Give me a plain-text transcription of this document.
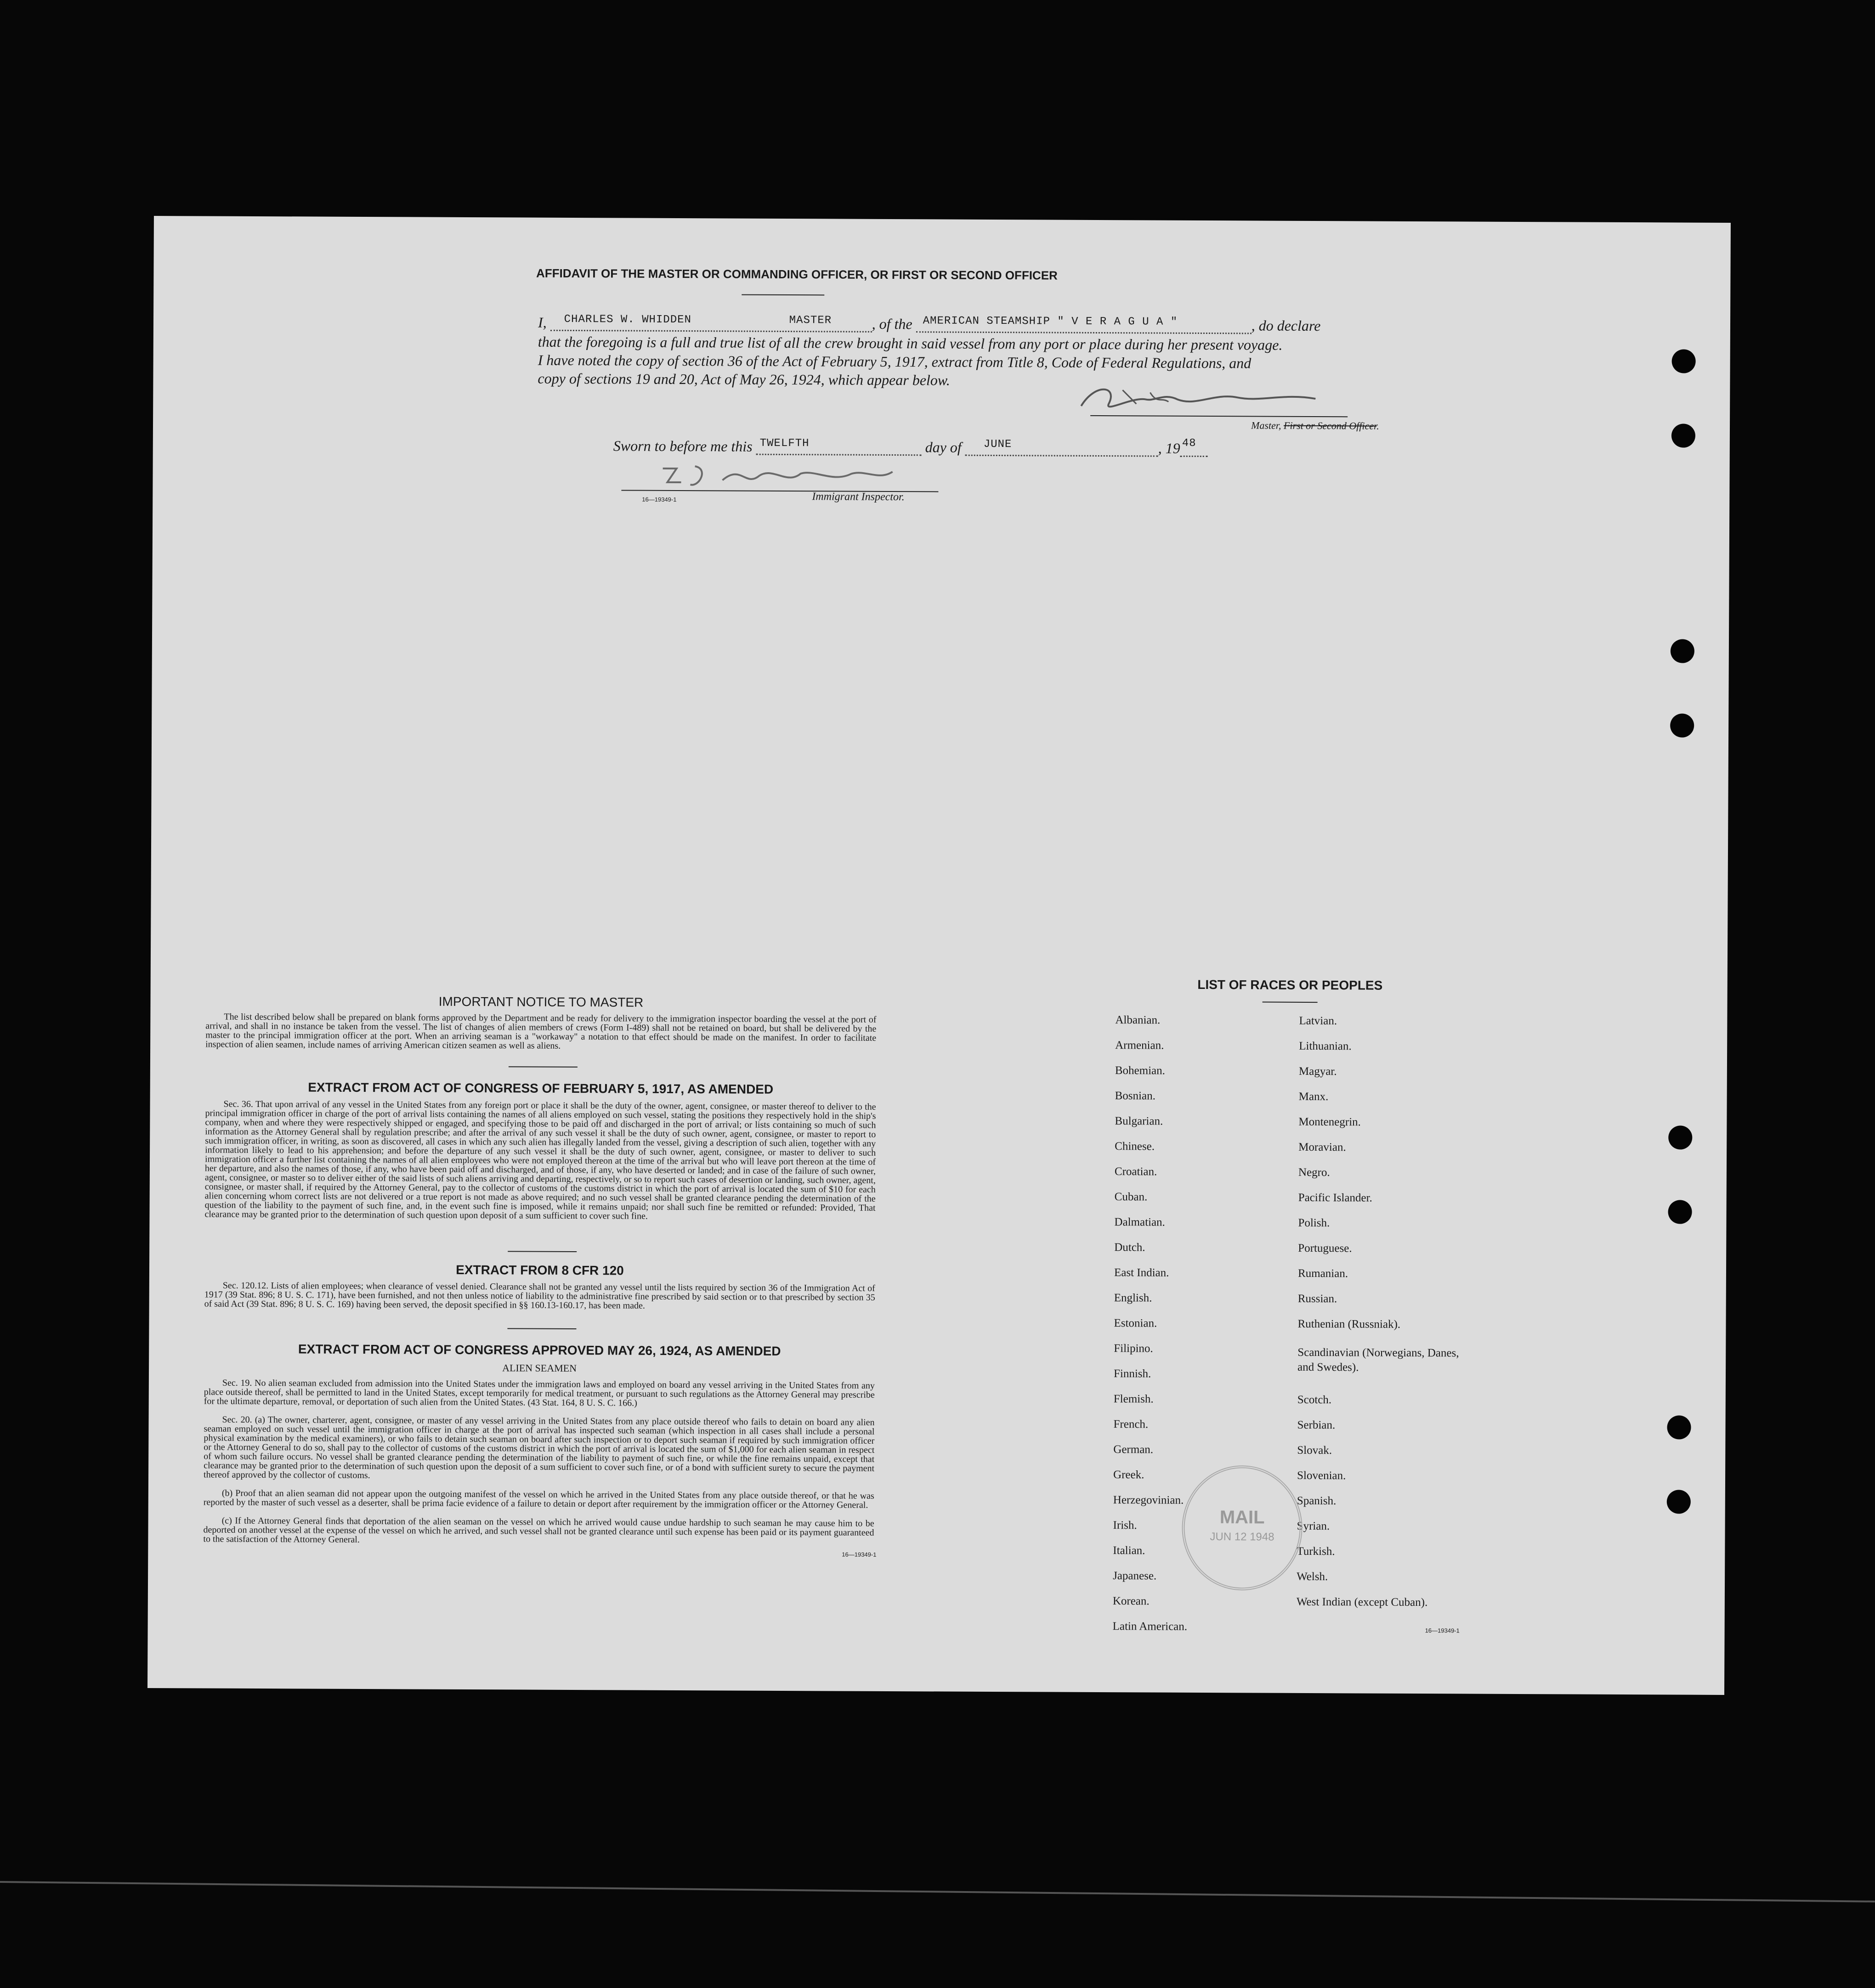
AFFIDAVIT OF THE MASTER OR COMMANDING OFFICER, OR FIRST OR SECOND OFFICER
I, CHARLES W. WHIDDEN	MASTER	, of the AMERICAN STEAMSHIP " V E R A G U A "	, do declare
that the foregoing is a full and true list of all the crew brought in said vessel from any port or place during her present voyage.
I have noted the copy of section 36 of the Act of February 5, 1917, extract from Title 8, Code of Federal Regulations, and
copy of sections 19 and 20, Act of May 26, 1924, which appear below.
Master, First or Second Officer.
Sworn to before me this TWELFTH	day of JUNE	, 19 48
16—19349-1	Immigrant Inspector.
IMPORTANT NOTICE TO MASTER
The list described below shall be prepared on blank forms approved by the Department and be ready for delivery to the immigration inspector boarding the vessel at the port of arrival, and shall in no instance be taken from the vessel. The list of changes of alien members of crews (Form I-489) shall not be retained on board, but shall be delivered by the master to the principal immigration officer at the port. When an arriving seaman is a "workaway" a notation to that effect should be made on the manifest. In order to facilitate inspection of alien seamen, include names of arriving American citizen seamen as well as aliens.
EXTRACT FROM ACT OF CONGRESS OF FEBRUARY 5, 1917, AS AMENDED
Sec. 36. That upon arrival of any vessel in the United States from any foreign port or place it shall be the duty of the owner, agent, consignee, or master thereof to deliver to the principal immigration officer in charge of the port of arrival lists containing the names of all aliens employed on such vessel, stating the positions they respectively hold in the ship's company, when and where they were respectively shipped or engaged, and specifying those to be paid off and discharged in the port of arrival; or lists containing so much of such information as the Attorney General shall by regulation prescribe; and after the arrival of any such vessel it shall be the duty of such owner, agent, consignee, or master to report to such immigration officer, in writing, as soon as discovered, all cases in which any such alien has illegally landed from the vessel, giving a description of such alien, together with any information likely to lead to his apprehension; and before the departure of any such vessel it shall be the duty of such owner, agent, consignee, or master to deliver to such immigration officer a further list containing the names of all alien employees who were not employed thereon at the time of the arrival but who will leave port thereon at the time of her departure, and also the names of those, if any, who have been paid off and discharged, and of those, if any, who have deserted or landed; and in case of the failure of such owner, agent, consignee, or master so to deliver either of the said lists of such aliens arriving and departing, respectively, or so to report such cases of desertion or landing, such owner, agent, consignee, or master shall, if required by the Attorney General, pay to the collector of customs of the customs district in which the port of arrival is located the sum of $10 for each alien concerning whom correct lists are not delivered or a true report is not made as above required; and no such vessel shall be granted clearance pending the determination of the question of the liability to the payment of such fine, and, in the event such fine is imposed, while it remains unpaid; nor shall such fine be remitted or refunded: Provided, That clearance may be granted prior to the determination of such question upon deposit of a sum sufficient to cover such fine.
EXTRACT FROM 8 CFR 120
Sec. 120.12. Lists of alien employees; when clearance of vessel denied. Clearance shall not be granted any vessel until the lists required by section 36 of the Immigration Act of 1917 (39 Stat. 896; 8 U. S. C. 171), have been furnished, and not then unless notice of liability to the administrative fine prescribed by said section or to that prescribed by section 35 of said Act (39 Stat. 896; 8 U. S. C. 169) having been served, the deposit specified in §§ 160.13-160.17, has been made.
EXTRACT FROM ACT OF CONGRESS APPROVED MAY 26, 1924, AS AMENDED
ALIEN SEAMEN
Sec. 19. No alien seaman excluded from admission into the United States under the immigration laws and employed on board any vessel arriving in the United States from any place outside thereof, shall be permitted to land in the United States, except temporarily for medical treatment, or pursuant to such regulations as the Attorney General may prescribe for the ultimate departure, removal, or deportation of such alien from the United States. (43 Stat. 164, 8 U. S. C. 166.)
Sec. 20. (a) The owner, charterer, agent, consignee, or master of any vessel arriving in the United States from any place outside thereof who fails to detain on board any alien seaman employed on such vessel until the immigration officer in charge at the port of arrival has inspected such seaman (which inspection in all cases shall include a personal physical examination by the medical examiners), or who fails to detain such seaman on board after such inspection or to deport such seaman if required by such immigration officer or the Attorney General to do so, shall pay to the collector of customs of the customs district in which the port of arrival is located the sum of $1,000 for each alien seaman in respect of whom such failure occurs. No vessel shall be granted clearance pending the determination of the liability to payment of such fine, or while the fine remains unpaid, except that clearance may be granted prior to the determination of such question upon the deposit of a sum sufficient to cover such fine, or of a bond with sufficient surety to secure the payment thereof approved by the collector of customs.
(b) Proof that an alien seaman did not appear upon the outgoing manifest of the vessel on which he arrived in the United States from any place outside thereof, or that he was reported by the master of such vessel as a deserter, shall be prima facie evidence of a failure to detain or deport after requirement by the immigration officer or the Attorney General.
(c) If the Attorney General finds that deportation of the alien seaman on the vessel on which he arrived would cause undue hardship to such seaman he may cause him to be deported on another vessel at the expense of the vessel on which he arrived, and such vessel shall not be granted clearance until such expense has been paid or its payment guaranteed to the satisfaction of the Attorney General.
16—19349-1
LIST OF RACES OR PEOPLES
Albanian.
Armenian.
Bohemian.
Bosnian.
Bulgarian.
Chinese.
Croatian.
Cuban.
Dalmatian.
Dutch.
East Indian.
English.
Estonian.
Filipino.
Finnish.
Flemish.
French.
German.
Greek.
Herzegovinian.
Irish.
Italian.
Japanese.
Korean.
Latin American.
Latvian.
Lithuanian.
Magyar.
Manx.
Montenegrin.
Moravian.
Negro.
Pacific Islander.
Polish.
Portuguese.
Rumanian.
Russian.
Ruthenian (Russniak).
Scandinavian (Norwegians, Danes, and Swedes).
Scotch.
Serbian.
Slovak.
Slovenian.
Spanish.
Syrian.
Turkish.
Welsh.
West Indian (except Cuban).
16—19349-1
MAIL
JUN 12 1948
